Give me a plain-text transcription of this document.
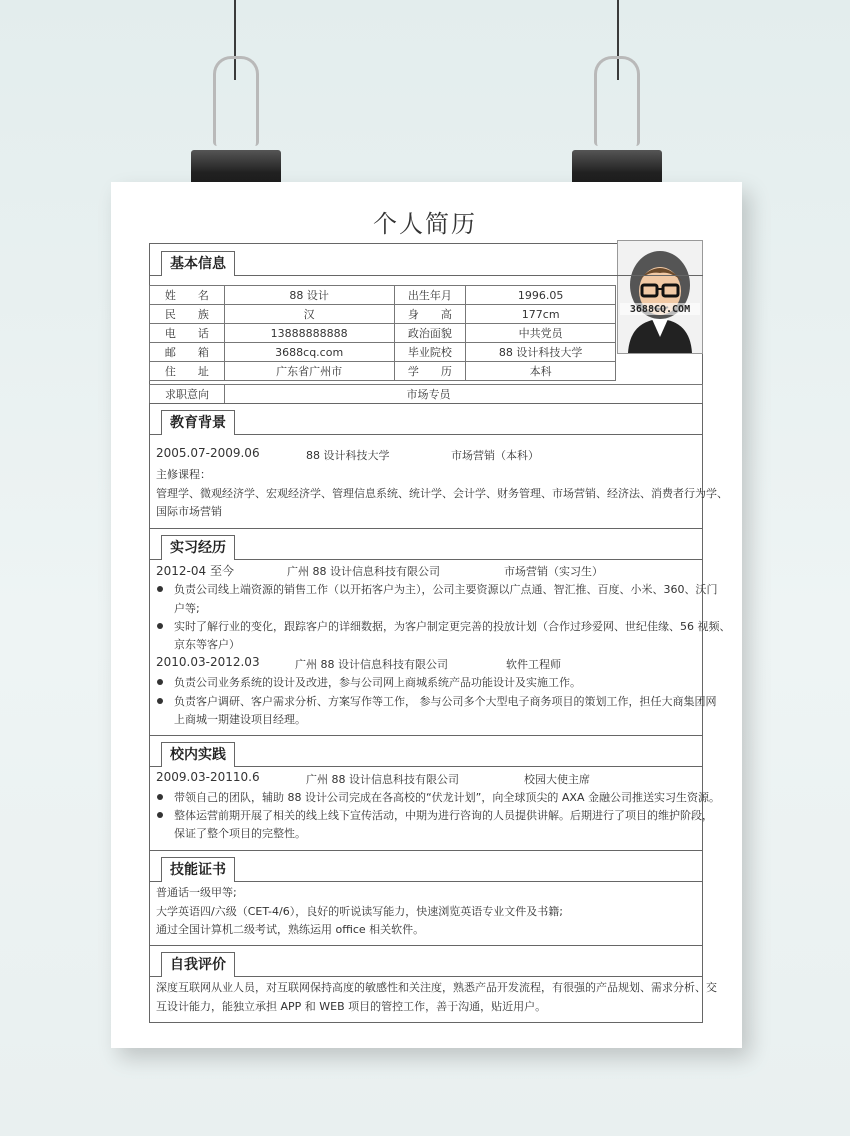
个人简历
3688CQ.COM
基本信息
姓　　名	88 设计	出生年月	1996.05
民　　族	汉	身　　高	177cm
电　　话	13888888888	政治面貌	中共党员
邮　　箱	3688cq.com	毕业院校	88 设计科技大学
住　　址	广东省广州市	学　　历	本科
求职意向	市场专员
教育背景
2005.07-2009.06	88 设计科技大学	市场营销（本科）
主修课程：
管理学、微观经济学、宏观经济学、管理信息系统、统计学、会计学、财务管理、市场营销、经济法、消费者行为学、
国际市场营销
实习经历
2012-04 至今	广州 88 设计信息科技有限公司	市场营销（实习生）
负责公司线上端资源的销售工作（以开拓客户为主），公司主要资源以广点通、智汇推、百度、小米、360、沃门
户等;
实时了解行业的变化，跟踪客户的详细数据，为客户制定更完善的投放计划（合作过珍爱网、世纪佳缘、56 视频、
京东等客户）
2010.03-2012.03	广州 88 设计信息科技有限公司	软件工程师
负责公司业务系统的设计及改进，参与公司网上商城系统产品功能设计及实施工作。
负责客户调研、客户需求分析、方案写作等工作， 参与公司多个大型电子商务项目的策划工作，担任大商集团网
上商城一期建设项目经理。
校内实践
2009.03-20110.6	广州 88 设计信息科技有限公司	校园大使主席
带领自己的团队，辅助 88 设计公司完成在各高校的“伏龙计划”，向全球顶尖的 AXA 金融公司推送实习生资源。
整体运营前期开展了相关的线上线下宣传活动，中期为进行咨询的人员提供讲解。后期进行了项目的维护阶段，
保证了整个项目的完整性。
技能证书
普通话一级甲等;
大学英语四/六级（CET-4/6），良好的听说读写能力，快速浏览英语专业文件及书籍;
通过全国计算机二级考试，熟练运用 office 相关软件。
自我评价
深度互联网从业人员，对互联网保持高度的敏感性和关注度，熟悉产品开发流程，有很强的产品规划、需求分析、交
互设计能力，能独立承担 APP 和 WEB 项目的管控工作，善于沟通，贴近用户。
